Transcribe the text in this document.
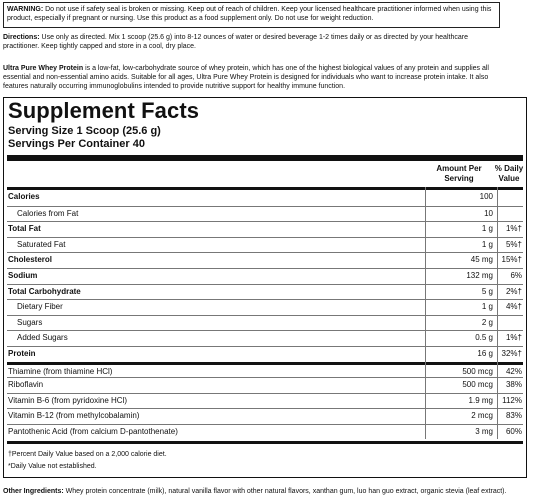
WARNING: Do not use if safety seal is broken or missing. Keep out of reach of children. Keep your licensed healthcare practitioner informed when using this product, especially if pregnant or nursing. Use this product as a food supplement only. Do not use for weight reduction.
Directions: Use only as directed. Mix 1 scoop (25.6 g) into 8-12 ounces of water or desired beverage 1-2 times daily or as directed by your healthcare practitioner. Keep tightly capped and store in a cool, dry place.
Ultra Pure Whey Protein is a low-fat, low-carbohydrate source of whey protein, which has one of the highest biological values of any protein and supplies all essential and non-essential amino acids. Suitable for all ages, Ultra Pure Whey Protein is designed for individuals who want to increase protein intake. It also features naturally occurring immunoglobulins intended to provide nutritive support for healthy immune function.
Supplement Facts
Serving Size 1 Scoop (25.6 g)
Servings Per Container 40
Amount Per Serving
% Daily Value
Calories	100
Calories from Fat	10
Total Fat	1 g	1%†
Saturated Fat	1 g	5%†
Cholesterol	45 mg	15%†
Sodium	132 mg	6%
Total Carbohydrate	5 g	2%†
Dietary Fiber	1 g	4%†
Sugars	2 g
Added Sugars	0.5 g	1%†
Protein	16 g	32%†
Thiamine (from thiamine HCl)	500 mcg	42%
Riboflavin	500 mcg	38%
Vitamin B-6 (from pyridoxine HCl)	1.9 mg	112%
Vitamin B-12 (from methylcobalamin)	2 mcg	83%
Pantothenic Acid (from calcium D-pantothenate)	3 mg	60%
†Percent Daily Value based on a 2,000 calorie diet.
*Daily Value not established.
Other Ingredients: Whey protein concentrate (milk), natural vanilla flavor with other natural flavors, xanthan gum, luo han guo extract, organic stevia (leaf extract).
